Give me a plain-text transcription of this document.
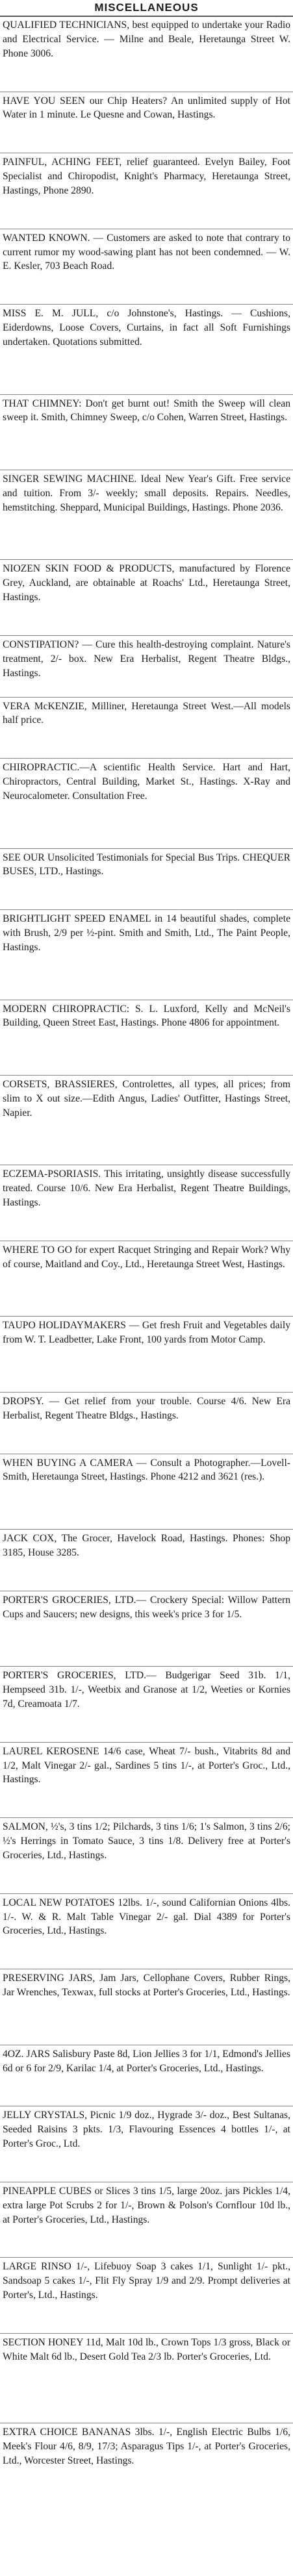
MISCELLANEOUS
QUALIFIED TECHNICIANS, best equipped to undertake your Radio and Electrical Service. — Milne and Beale, Heretaunga Street W. Phone 3006.
HAVE YOU SEEN our Chip Heaters? An unlimited supply of Hot Water in 1 minute. Le Quesne and Cowan, Hastings.
PAINFUL, ACHING FEET, relief guaranteed. Evelyn Bailey, Foot Specialist and Chiropodist, Knight's Pharmacy, Heretaunga Street, Hastings, Phone 2890.
WANTED KNOWN. — Customers are asked to note that contrary to current rumor my wood-sawing plant has not been condemned. — W. E. Kesler, 703 Beach Road.
MISS E. M. JULL, c/o Johnstone's, Hastings. — Cushions, Eiderdowns, Loose Covers, Curtains, in fact all Soft Furnishings undertaken. Quotations submitted.
THAT CHIMNEY: Don't get burnt out! Smith the Sweep will clean sweep it. Smith, Chimney Sweep, c/o Cohen, Warren Street, Hastings.
SINGER SEWING MACHINE. Ideal New Year's Gift. Free service and tuition. From 3/- weekly; small deposits. Repairs. Needles, hemstitching. Sheppard, Municipal Buildings, Hastings. Phone 2036.
NIOZEN SKIN FOOD & PRODUCTS, manufactured by Florence Grey, Auckland, are obtainable at Roachs' Ltd., Heretaunga Street, Hastings.
CONSTIPATION? — Cure this health-destroying complaint. Nature's treatment, 2/- box. New Era Herbalist, Regent Theatre Bldgs., Hastings.
VERA McKENZIE, Milliner, Heretaunga Street West.—All models half price.
CHIROPRACTIC.—A scientific Health Service. Hart and Hart, Chiropractors, Central Building, Market St., Hastings. X-Ray and Neurocalometer. Consultation Free.
SEE OUR Unsolicited Testimonials for Special Bus Trips. CHEQUER BUSES, LTD., Hastings.
BRIGHTLIGHT SPEED ENAMEL in 14 beautiful shades, complete with Brush, 2/9 per ½-pint. Smith and Smith, Ltd., The Paint People, Hastings.
MODERN CHIROPRACTIC: S. L. Luxford, Kelly and McNeil's Building, Queen Street East, Hastings. Phone 4806 for appointment.
CORSETS, BRASSIERES, Controlettes, all types, all prices; from slim to X out size.—Edith Angus, Ladies' Outfitter, Hastings Street, Napier.
ECZEMA-PSORIASIS. This irritating, unsightly disease successfully treated. Course 10/6. New Era Herbalist, Regent Theatre Buildings, Hastings.
WHERE TO GO for expert Racquet Stringing and Repair Work? Why of course, Maitland and Coy., Ltd., Heretaunga Street West, Hastings.
TAUPO HOLIDAYMAKERS — Get fresh Fruit and Vegetables daily from W. T. Leadbetter, Lake Front, 100 yards from Motor Camp.
DROPSY. — Get relief from your trouble. Course 4/6. New Era Herbalist, Regent Theatre Bldgs., Hastings.
WHEN BUYING A CAMERA — Consult a Photographer.—Lovell-Smith, Heretaunga Street, Hastings. Phone 4212 and 3621 (res.).
JACK COX, The Grocer, Havelock Road, Hastings. Phones: Shop 3185, House 3285.
PORTER'S GROCERIES, LTD.— Crockery Special: Willow Pattern Cups and Saucers; new designs, this week's price 3 for 1/5.
PORTER'S GROCERIES, LTD.— Budgerigar Seed 31b. 1/1, Hempseed 31b. 1/-, Weetbix and Granose at 1/2, Weeties or Kornies 7d, Creamoata 1/7.
LAUREL KEROSENE 14/6 case, Wheat 7/- bush., Vitabrits 8d and 1/2, Malt Vinegar 2/- gal., Sardines 5 tins 1/-, at Porter's Groc., Ltd., Hastings.
SALMON, ½'s, 3 tins 1/2; Pilchards, 3 tins 1/6; 1's Salmon, 3 tins 2/6; ½'s Herrings in Tomato Sauce, 3 tins 1/8. Delivery free at Porter's Groceries, Ltd., Hastings.
LOCAL NEW POTATOES 12lbs. 1/-, sound Californian Onions 4lbs. 1/-. W. & R. Malt Table Vinegar 2/- gal. Dial 4389 for Porter's Groceries, Ltd., Hastings.
PRESERVING JARS, Jam Jars, Cellophane Covers, Rubber Rings, Jar Wrenches, Texwax, full stocks at Porter's Groceries, Ltd., Hastings.
4OZ. JARS Salisbury Paste 8d, Lion Jellies 3 for 1/1, Edmond's Jellies 6d or 6 for 2/9, Karilac 1/4, at Porter's Groceries, Ltd., Hastings.
JELLY CRYSTALS, Picnic 1/9 doz., Hygrade 3/- doz., Best Sultanas, Seeded Raisins 3 pkts. 1/3, Flavouring Essences 4 bottles 1/-, at Porter's Groc., Ltd.
PINEAPPLE CUBES or Slices 3 tins 1/5, large 20oz. jars Pickles 1/4, extra large Pot Scrubs 2 for 1/-, Brown & Polson's Cornflour 10d lb., at Porter's Groceries, Ltd., Hastings.
LARGE RINSO 1/-, Lifebuoy Soap 3 cakes 1/1, Sunlight 1/- pkt., Sandsoap 5 cakes 1/-, Flit Fly Spray 1/9 and 2/9. Prompt deliveries at Porter's, Ltd., Hastings.
SECTION HONEY 11d, Malt 10d lb., Crown Tops 1/3 gross, Black or White Malt 6d lb., Desert Gold Tea 2/3 lb. Porter's Groceries, Ltd.
EXTRA CHOICE BANANAS 3lbs. 1/-, English Electric Bulbs 1/6, Meek's Flour 4/6, 8/9, 17/3; Asparagus Tips 1/-, at Porter's Groceries, Ltd., Worcester Street, Hastings.
